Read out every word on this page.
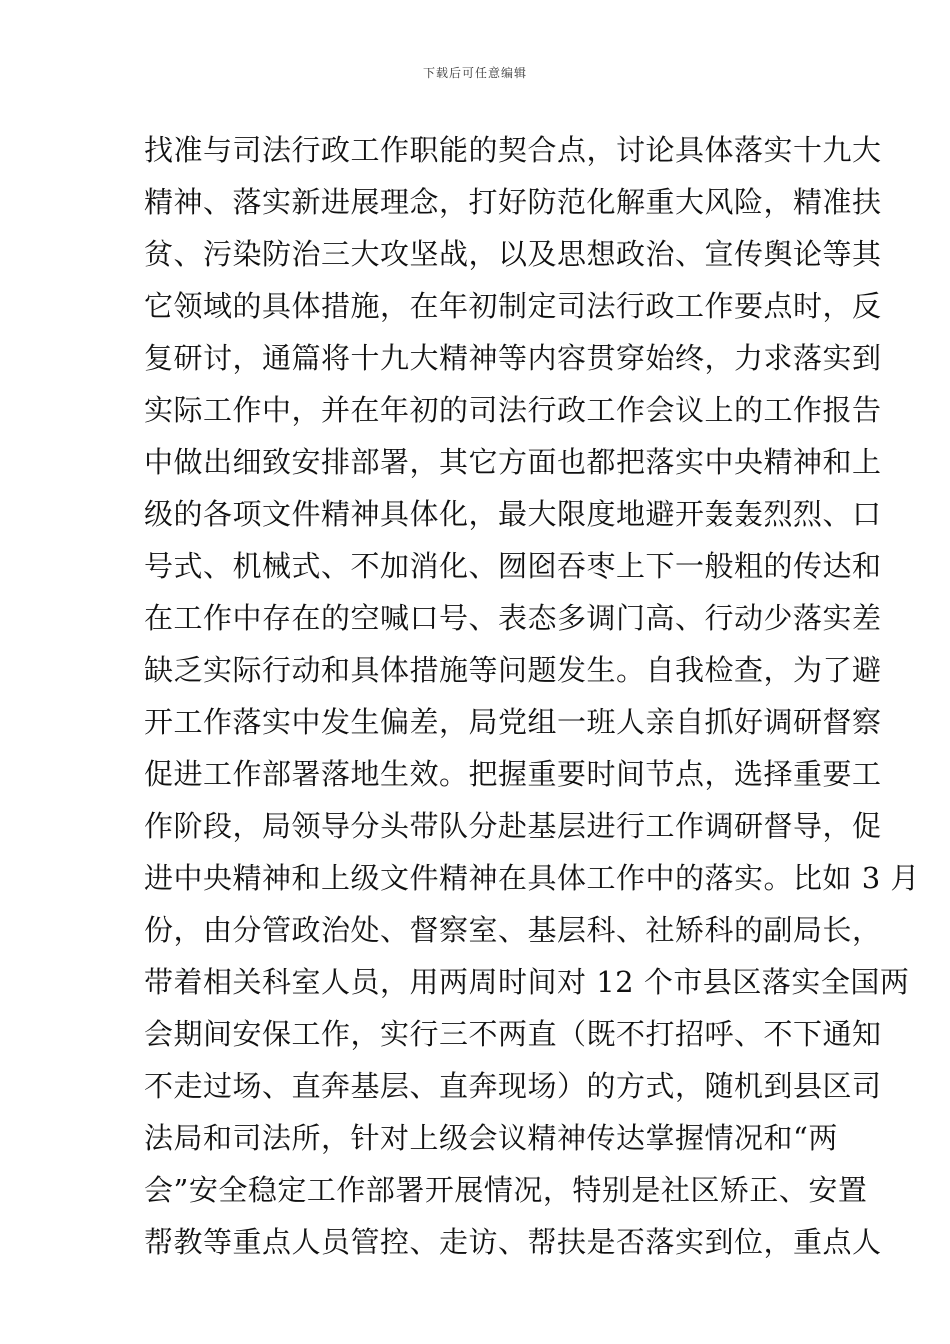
下载后可任意编辑
找准与司法行政工作职能的契合点，讨论具体落实十九大
精神、落实新进展理念，打好防范化解重大风险，精准扶
贫、污染防治三大攻坚战，以及思想政治、宣传舆论等其
它领域的具体措施，在年初制定司法行政工作要点时，反
复研讨，通篇将十九大精神等内容贯穿始终，力求落实到
实际工作中，并在年初的司法行政工作会议上的工作报告
中做出细致安排部署，其它方面也都把落实中央精神和上
级的各项文件精神具体化，最大限度地避开轰轰烈烈、口
号式、机械式、不加消化、囫囵吞枣上下一般粗的传达和
在工作中存在的空喊口号、表态多调门高、行动少落实差
缺乏实际行动和具体措施等问题发生。自我检查，为了避
开工作落实中发生偏差，局党组一班人亲自抓好调研督察
促进工作部署落地生效。把握重要时间节点，选择重要工
作阶段，局领导分头带队分赴基层进行工作调研督导，促
进中央精神和上级文件精神在具体工作中的落实。比如 3 月
份，由分管政治处、督察室、基层科、社矫科的副局长，
带着相关科室人员，用两周时间对 12 个市县区落实全国两
会期间安保工作，实行三不两直（既不打招呼、不下通知
不走过场、直奔基层、直奔现场）的方式，随机到县区司
法局和司法所，针对上级会议精神传达掌握情况和“两
会”安全稳定工作部署开展情况，特别是社区矫正、安置
帮教等重点人员管控、走访、帮扶是否落实到位，重点人
